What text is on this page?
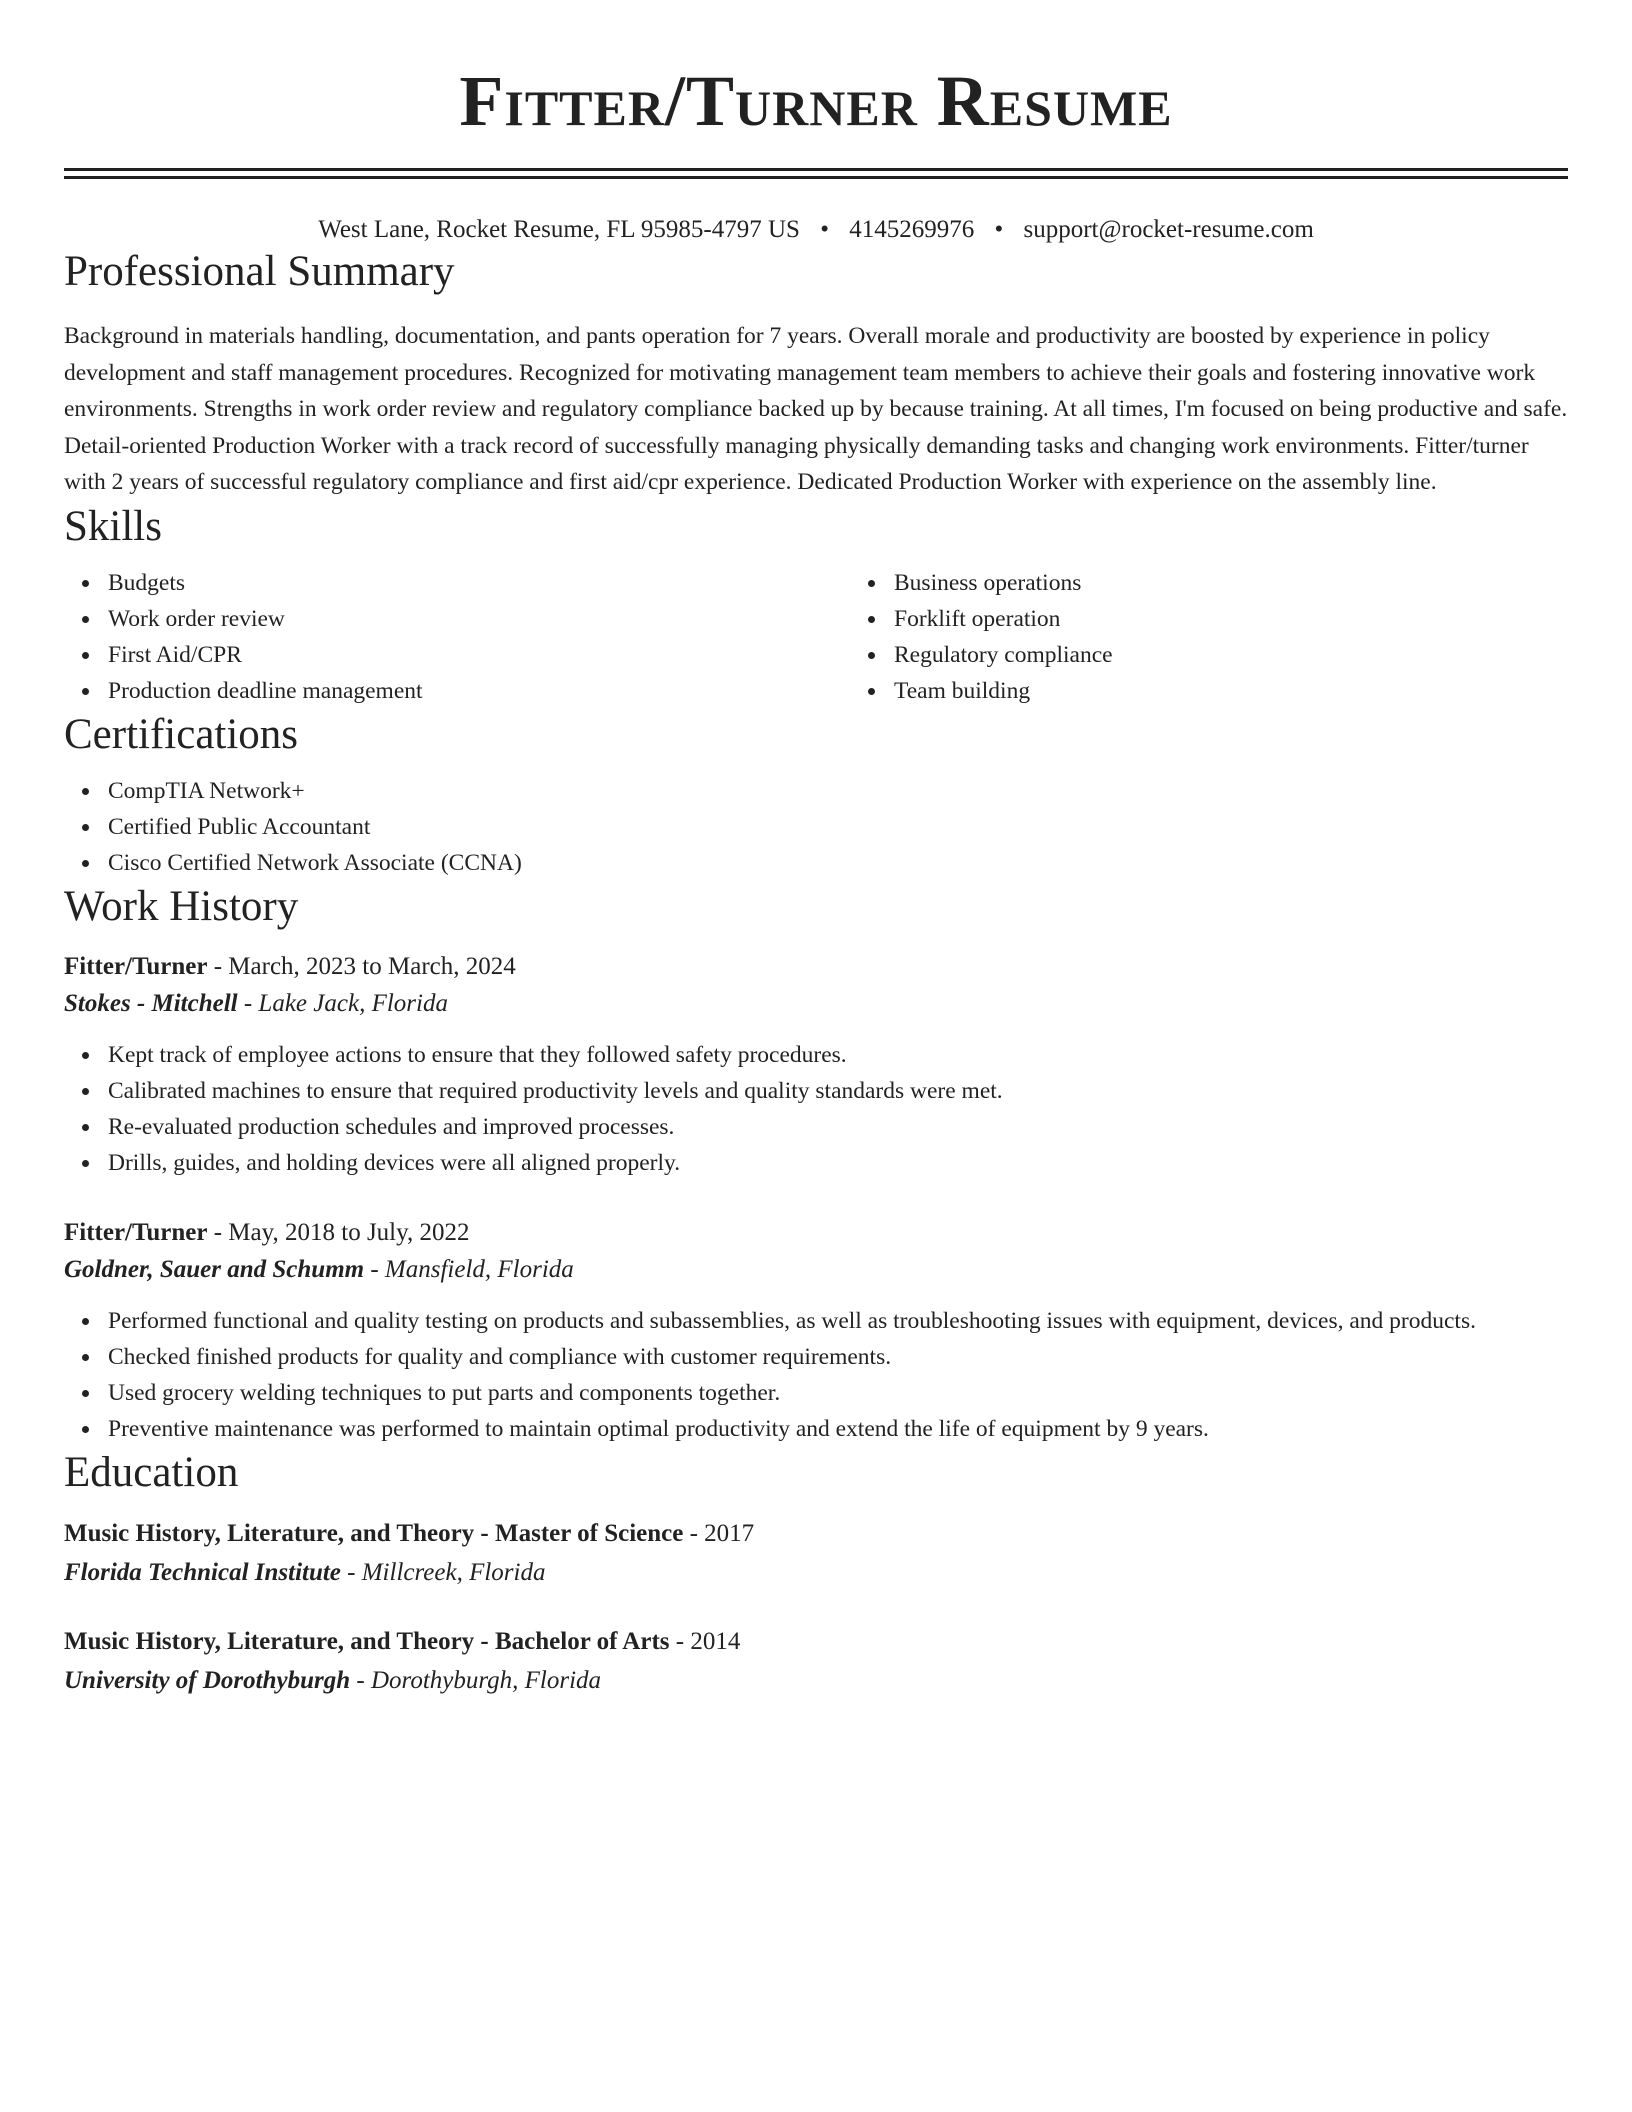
Fitter/Turner Resume
West Lane, Rocket Resume, FL 95985-4797 US • 4145269976 • support@rocket-resume.com
Professional Summary

Background in materials handling, documentation, and pants operation for 7 years. Overall morale and productivity are boosted by experience in policy development and staff management procedures. Recognized for motivating management team members to achieve their goals and fostering innovative work environments. Strengths in work order review and regulatory compliance backed up by because training. At all times, I'm focused on being productive and safe. Detail-oriented Production Worker with a track record of successfully managing physically demanding tasks and changing work environments. Fitter/turner with 2 years of successful regulatory compliance and first aid/cpr experience. Dedicated Production Worker with experience on the assembly line.

Skills
Budgets
Work order review
First Aid/CPR
Production deadline management
Business operations
Forklift operation
Regulatory compliance
Team building
Certifications
CompTIA Network+
Certified Public Accountant
Cisco Certified Network Associate (CCNA)
Work History
Fitter/Turner - March, 2023 to March, 2024
Stokes - Mitchell - Lake Jack, Florida
Kept track of employee actions to ensure that they followed safety procedures.
Calibrated machines to ensure that required productivity levels and quality standards were met.
Re-evaluated production schedules and improved processes.
Drills, guides, and holding devices were all aligned properly.
Fitter/Turner - May, 2018 to July, 2022
Goldner, Sauer and Schumm - Mansfield, Florida
Performed functional and quality testing on products and subassemblies, as well as troubleshooting issues with equipment, devices, and products.
Checked finished products for quality and compliance with customer requirements.
Used grocery welding techniques to put parts and components together.
Preventive maintenance was performed to maintain optimal productivity and extend the life of equipment by 9 years.
Education
Music History, Literature, and Theory - Master of Science - 2017
Florida Technical Institute - Millcreek, Florida
Music History, Literature, and Theory - Bachelor of Arts - 2014
University of Dorothyburgh - Dorothyburgh, Florida
